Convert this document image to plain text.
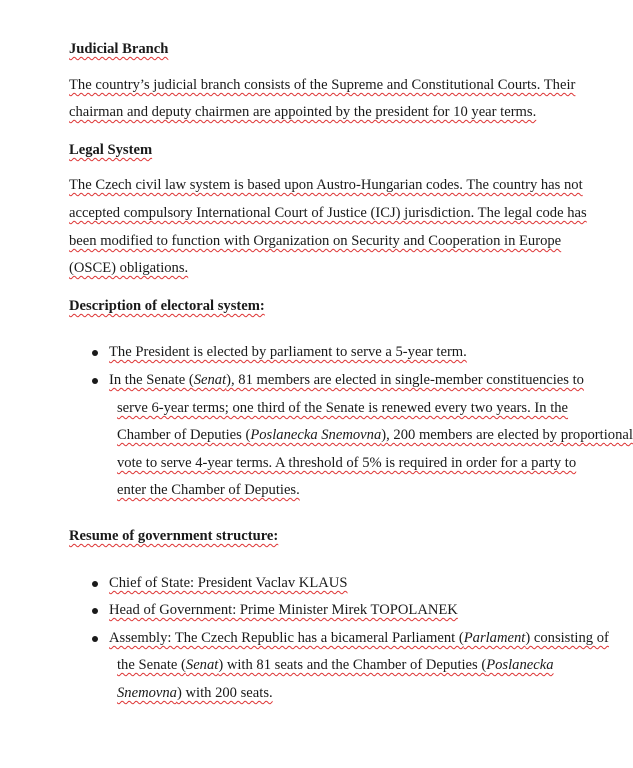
Judicial Branch

The country’s judicial branch consists of the Supreme and Constitutional Courts. Their

chairman and deputy chairmen are appointed by the president for 10 year terms.

Legal System

The Czech civil law system is based upon Austro-Hungarian codes. The country has not

accepted compulsory International Court of Justice (ICJ) jurisdiction. The legal code has

been modified to function with Organization on Security and Cooperation in Europe

(OSCE) obligations.

Description of electoral system:

The President is elected by parliament to serve a 5-year term.

In the Senate (Senat), 81 members are elected in single-member constituencies to

serve 6-year terms; one third of the Senate is renewed every two years. In the

Chamber of Deputies (Poslanecka Snemovna), 200 members are elected by proportional

vote to serve 4-year terms. A threshold of 5% is required in order for a party to

enter the Chamber of Deputies.

Resume of government structure:

Chief of State: President Vaclav KLAUS

Head of Government: Prime Minister Mirek TOPOLANEK

Assembly: The Czech Republic has a bicameral Parliament (Parlament) consisting of

the Senate (Senat) with 81 seats and the Chamber of Deputies (Poslanecka

Snemovna) with 200 seats.
